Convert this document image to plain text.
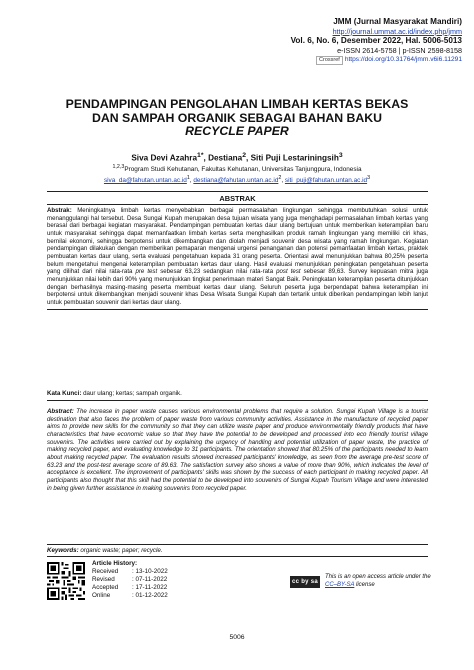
JMM (Jurnal Masyarakat Mandiri)
http://journal.ummat.ac.id/index.php/jmm
Vol. 6, No. 6, Desember 2022, Hal. 5006-5013
e-ISSN 2614-5758 | p-ISSN 2598-8158
Crossref https://doi.org/10.31764/jmm.v6i6.11291
PENDAMPINGAN PENGOLAHAN LIMBAH KERTAS BEKAS
DAN SAMPAH ORGANIK SEBAGAI BAHAN BAKU
RECYCLE PAPER
Siva Devi Azahra$^{1*}$, Destiana$^2$, Siti Puji Lestariningsih$^3$
$^{1,2,3}$Program Studi Kehutanan, Fakultas Kehutanan, Universitas Tanjungpura, Indonesia
$siva\_da@fahutan.untan.ac.id^1$, $destiana@fahutan.untan.ac.id^2$, $siti\_puji@fahutan.untan.ac.id^3$
ABSTRAK

Abstrak: Meningkatnya limbah kertas menyebabkan berbagai permasalahan lingkungan sehingga membutuhkan solusi untuk menanggulangi hal tersebut. Desa Sungai Kupah merupakan desa tujuan wisata yang juga menghadapi permasalahan limbah kertas yang berasal dari berbagai kegiatan masyarakat. Pendampingan pembuatan kertas daur ulang bertujuan untuk memberikan keterampilan baru untuk masyarakat sehingga dapat memanfaatkan limbah kertas serta menghasilkan produk ramah lingkungan yang memiliki ciri khas, bernilai ekonomi, sehingga berpotensi untuk dikembangkan dan diolah menjadi souvenir desa wisata yang ramah lingkungan. Kegiatan pendampingan dilakukan dengan memberikan pemaparan mengenai urgensi penanganan dan potensi pemanfaatan limbah kertas, praktek pembuatan kertas daur ulang, serta evaluasi pengetahuan kepada 31 orang peserta. Orientasi awal menunjukkan bahwa 80,25% peserta belum mengetahui mengenai keterampilan pembuatan kertas daur ulang. Hasil evaluasi menunjukkan peningkatan pengetahuan peserta yang dilihat dari nilai rata-rata pre test sebesar 63,23 sedangkan nilai rata-rata post test sebesar 89,63. Survey kepuasan mitra juga menunjukkan nilai lebih dari 90% yang menunjukkan tingkat penerimaan materi Sangat Baik. Peningkatan keterampilan peserta ditunjukkan dengan berhasilnya masing-masing peserta membuat kertas daur ulang. Seluruh peserta juga berpendapat bahwa keterampilan ini berpotensi untuk dikembangkan menjadi souvenir khas Desa Wisata Sungai Kupah dan tertarik untuk diberikan pendampingan lebih lanjut untuk pembuatan souvenir dari kertas daur ulang.

Kata Kunci: daur ulang; kertas; sampah organik.

Abstract: The increase in paper waste causes various environmental problems that require a solution. Sungai Kupah Village is a tourist destination that also faces the problem of paper waste from various community activities. Assistance in the manufacture of recycled paper aims to provide new skills for the community so that they can utilize waste paper and produce environmentally friendly products that have characteristics that have economic value so that they have the potential to be developed and processed into eco friendly tourist village souvenirs. The activities were carried out by explaining the urgency of handling and potential utilization of paper waste, the practice of making recycled paper, and evaluating knowledge to 31 participants. The orientation showed that 80.25% of the participants needed to learn about making recycled paper. The evaluation results showed increased participants' knowledge, as seen from the average pre-test score of 63.23 and the post-test average score of 89.63. The satisfaction survey also shows a value of more than 90%, which indicates the level of acceptance is excellent. The improvement of participants' skills was shown by the success of each participant in making recycled paper. All participants also thought that this skill had the potential to be developed into souvenirs of Sungai Kupah Tourism Village and were interested in being given further assistance in making souvenirs from recycled paper.

Keywords: organic waste; paper; recycle.
Article History:
Received : 13-10-2022
Revised	: 07-11-2022
Accepted : 17-11-2022
Online	: 01-12-2022
cc by sa
This is an open access article under the
CC–BY-SA license
5006
